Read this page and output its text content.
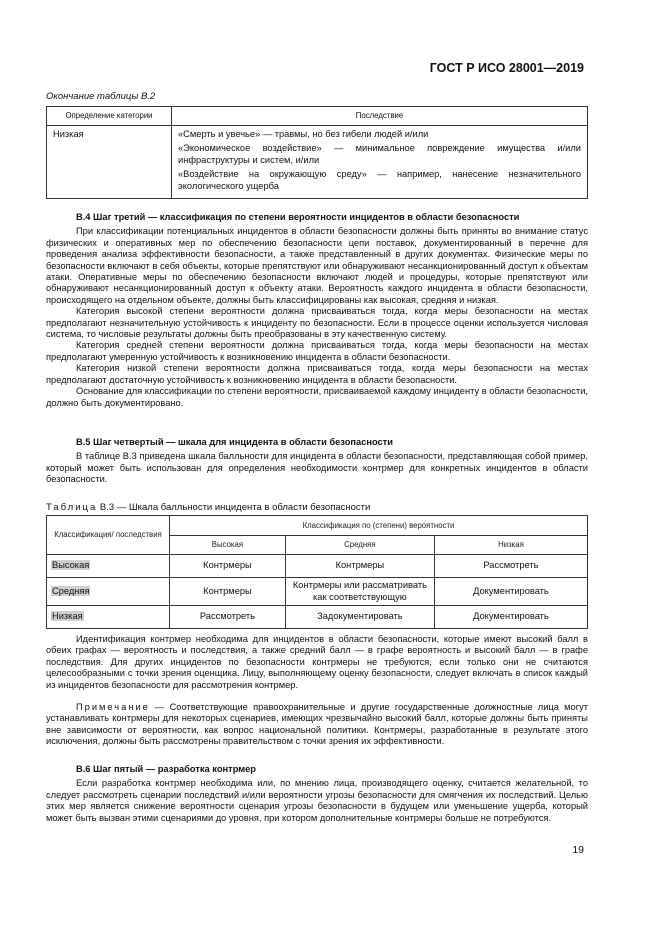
ГОСТ Р ИСО 28001—2019
Окончание таблицы В.2
Определение категории	Последствие
Низкая	«Смерть и увечье» — травмы, но без гибели людей и/или

«Экономическое воздействие» — минимальное повреждение имущества и/или инфраструктуры и систем, и/или

«Воздействие на окружающую среду» — например, нанесение незначительного экологического ущерба

В.4 Шаг третий — классификация по степени вероятности инцидентов в области безопасности

При классификации потенциальных инцидентов в области безопасности должны быть приняты во внимание статус физических и оперативных мер по обеспечению безопасности цепи поставок, документированный в перечне для проведения анализа эффективности безопасности, а также представленный в других документах. Физические меры по безопасности включают в себя объекты, которые препятствуют или обнаруживают несанкционированный доступ к объектам атаки. Оперативные меры по обеспечению безопасности включают людей и процедуры, которые препятствуют или обнаруживают несанкционированный доступ к объекту атаки. Вероятность каждого инцидента в области безопасности, происходящего на отдельном объекте, должны быть классифицированы как высокая, средняя и низкая.

Категория высокой степени вероятности должна присваиваться тогда, когда меры безопасности на местах предполагают незначительную устойчивость к инциденту по безопасности. Если в процессе оценки используется числовая система, то числовые результаты должны быть преобразованы в эту качественную систему.

Категория средней степени вероятности должна присваиваться тогда, когда меры безопасности на местах предполагают умеренную устойчивость к возникновению инцидента в области безопасности.

Категория низкой степени вероятности должна присваиваться тогда, когда меры безопасности на местах предполагают достаточную устойчивость к возникновению инцидента в области безопасности.

Основание для классификации по степени вероятности, присваиваемой каждому инциденту в области безопасности, должно быть документировано.

В.5 Шаг четвертый — шкала для инцидента в области безопасности

В таблице В.3 приведена шкала балльности для инцидента в области безопасности, представляющая собой пример, который может быть использован для определения необходимости контрмер для конкретных инцидентов в области безопасности.

Таблица В.3 — Шкала балльности инцидента в области безопасности
Классификация/ последствия	Классификация по (степени) вероятности		
	Высокая	Средняя	Низкая
Высокая	Контрмеры	Контрмеры	Рассмотреть
Средняя	Контрмеры	Контрмеры или рассматривать как соответствующую	Документировать
Низкая	Рассмотреть	Задокументировать	Документировать

Идентификация контрмер необходима для инцидентов в области безопасности, которые имеют высокий балл в обеих графах — вероятность и последствия, а также средний балл — в графе вероятность и высокий балл — в графе последствия. Для других инцидентов по безопасности контрмеры не требуются, если только они не считаются целесообразными с точки зрения оценщика. Лицу, выполняющему оценку безопасности, следует включать в список каждый из инцидентов безопасности для рассмотрения контрмер.

Примечание — Соответствующие правоохранительные и другие государственные должностные лица могут устанавливать контрмеры для некоторых сценариев, имеющих чрезвычайно высокий балл, которые должны быть приняты вне зависимости от вероятности, как вопрос национальной политики. Контрмеры, разработанные в результате этого исключения, должны быть рассмотрены правительством с точки зрения их эффективности.

В.6 Шаг пятый — разработка контрмер

Если разработка контрмер необходима или, по мнению лица, производящего оценку, считается желательной, то следует рассмотреть сценарии последствий и/или вероятности угрозы безопасности для смягчения их последствий. Целью этих мер является снижение вероятности сценария угрозы безопасности в будущем или уменьшение ущерба, который может быть вызван этими сценариями до уровня, при котором дополнительные контрмеры больше не потребуются.

19
